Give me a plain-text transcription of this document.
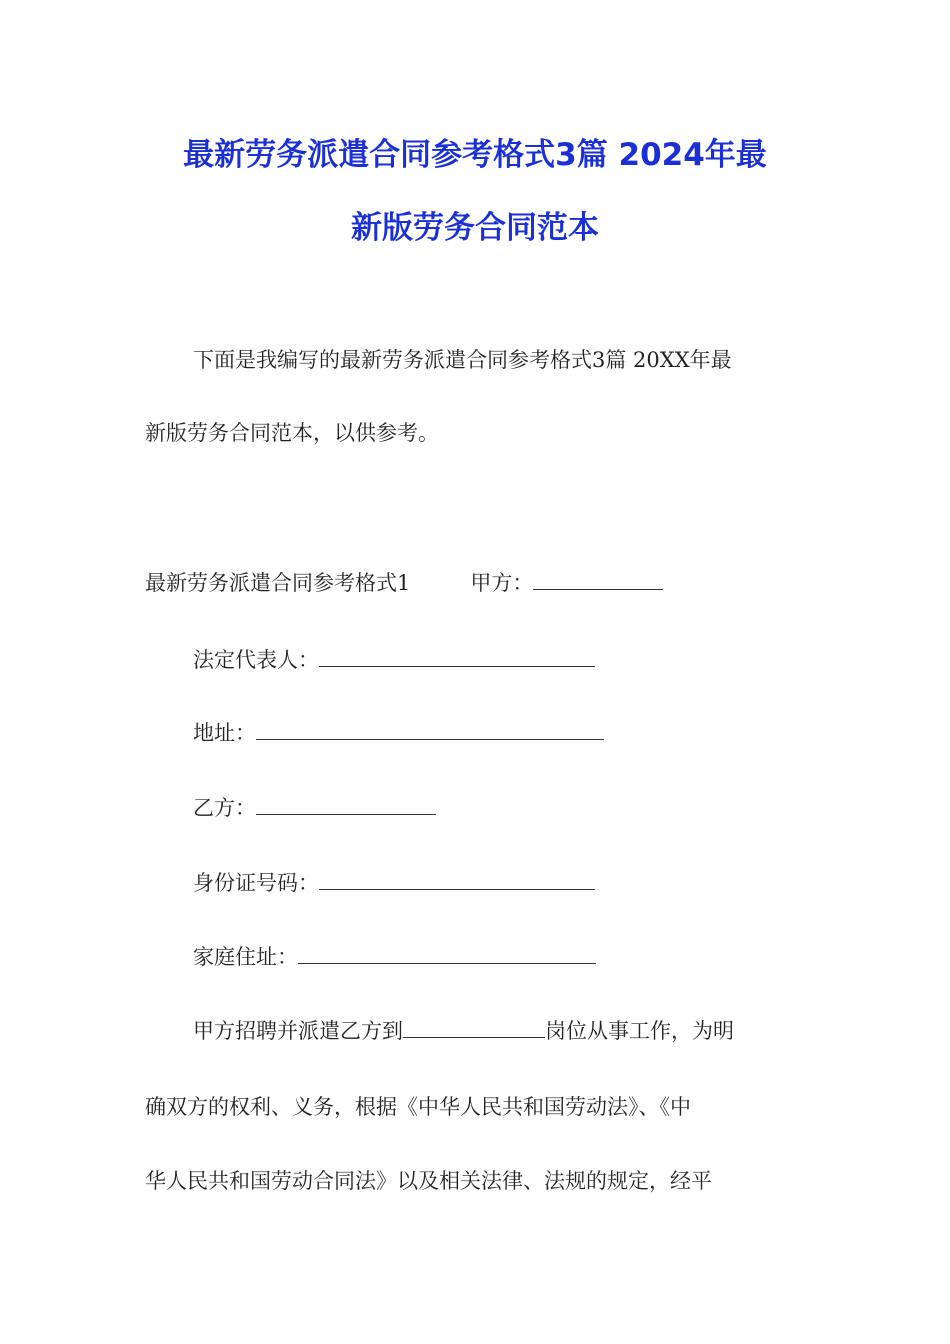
最新劳务派遣合同参考格式3篇 2024年最
新版劳务合同范本
下面是我编写的最新劳务派遣合同参考格式3篇 20XX年最
新版劳务合同范本，以供参考。
最新劳务派遣合同参考格式1	甲方：
法定代表人：
地址：
乙方：
身份证号码：
家庭住址：
甲方招聘并派遣乙方到	岗位从事工作，为明
确双方的权利、义务，根据《中华人民共和国劳动法》、《中
华人民共和国劳动合同法》以及相关法律、法规的规定，经平
